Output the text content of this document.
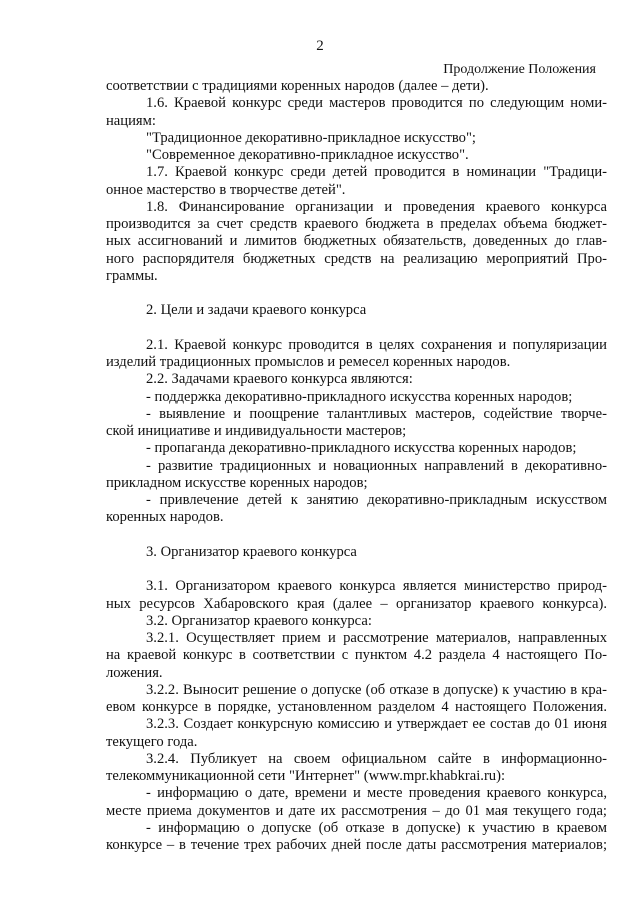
2
Продолжение Положения
соответствии с традициями коренных народов (далее – дети).
1.6. Краевой конкурс среди мастеров проводится по следующим номи-
нациям:
"Традиционное декоративно-прикладное искусство";
"Современное декоративно-прикладное искусство".
1.7. Краевой конкурс среди детей проводится в номинации "Традици-
онное мастерство в творчестве детей".
1.8. Финансирование организации и проведения краевого конкурса
производится за счет средств краевого бюджета в пределах объема бюджет-
ных ассигнований и лимитов бюджетных обязательств, доведенных до глав-
ного распорядителя бюджетных средств на реализацию мероприятий Про-
граммы.
2. Цели и задачи краевого конкурса
2.1. Краевой конкурс проводится в целях сохранения и популяризации
изделий традиционных промыслов и ремесел коренных народов.
2.2. Задачами краевого конкурса являются:
- поддержка декоративно-прикладного искусства коренных народов;
- выявление и поощрение талантливых мастеров, содействие творче-
ской инициативе и индивидуальности мастеров;
- пропаганда декоративно-прикладного искусства коренных народов;
- развитие традиционных и новационных направлений в декоративно-
прикладном искусстве коренных народов;
- привлечение детей к занятию декоративно-прикладным искусством
коренных народов.
3. Организатор краевого конкурса
3.1. Организатором краевого конкурса является министерство природ-
ных ресурсов Хабаровского края (далее – организатор краевого конкурса).
3.2. Организатор краевого конкурса:
3.2.1. Осуществляет прием и рассмотрение материалов, направленных
на краевой конкурс в соответствии с пунктом 4.2 раздела 4 настоящего По-
ложения.
3.2.2. Выносит решение о допуске (об отказе в допуске) к участию в кра-
евом конкурсе в порядке, установленном разделом 4 настоящего Положения.
3.2.3. Создает конкурсную комиссию и утверждает ее состав до 01 июня
текущего года.
3.2.4. Публикует на своем официальном сайте в информационно-
телекоммуникационной сети "Интернет" (www.mpr.khabkrai.ru):
- информацию о дате, времени и месте проведения краевого конкурса,
месте приема документов и дате их рассмотрения – до 01 мая текущего года;
- информацию о допуске (об отказе в допуске) к участию в краевом
конкурсе – в течение трех рабочих дней после даты рассмотрения материалов;
